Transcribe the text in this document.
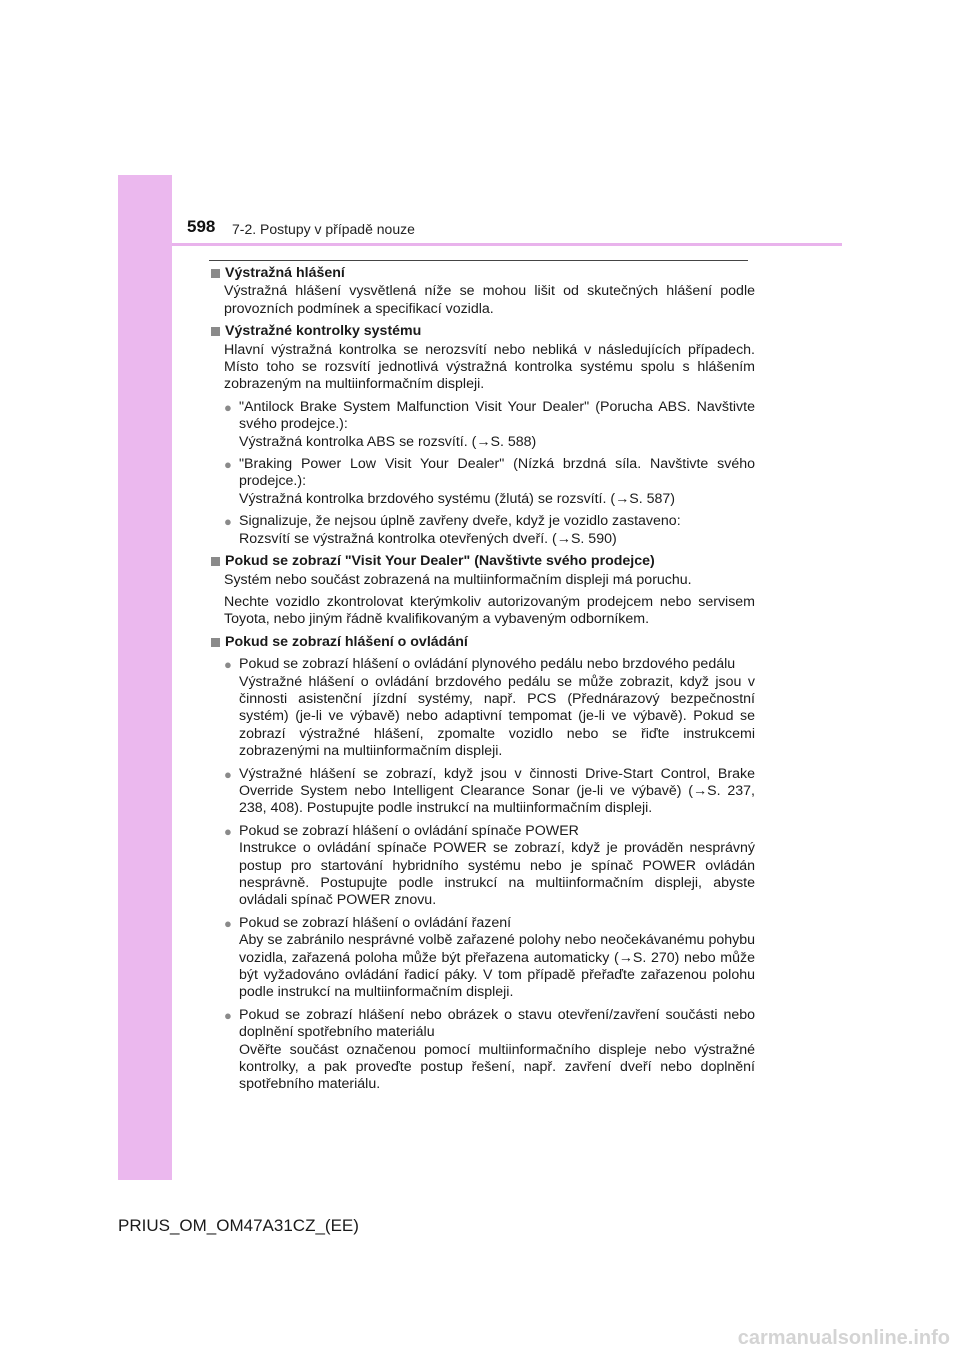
598 7-2. Postupy v případě nouze
Výstražná hlášení
Výstražná hlášení vysvětlená níže se mohou lišit od skutečných hlášení podle provozních podmínek a specifikací vozidla.
Výstražné kontrolky systému
Hlavní výstražná kontrolka se nerozsvítí nebo nebliká v následujících případech. Místo toho se rozsvítí jednotlivá výstražná kontrolka systému spolu s hlášením zobrazeným na multiinformačním displeji.
● "Antilock Brake System Malfunction Visit Your Dealer" (Porucha ABS. Navštivte svého prodejce.):
Výstražná kontrolka ABS se rozsvítí. (→S. 588)
● "Braking Power Low Visit Your Dealer" (Nízká brzdná síla. Navštivte svého prodejce.):
Výstražná kontrolka brzdového systému (žlutá) se rozsvítí. (→S. 587)
● Signalizuje, že nejsou úplně zavřeny dveře, když je vozidlo zastaveno:
Rozsvítí se výstražná kontrolka otevřených dveří. (→S. 590)
Pokud se zobrazí "Visit Your Dealer" (Navštivte svého prodejce)
Systém nebo součást zobrazená na multiinformačním displeji má poruchu.
Nechte vozidlo zkontrolovat kterýmkoliv autorizovaným prodejcem nebo servisem Toyota, nebo jiným řádně kvalifikovaným a vybaveným odborníkem.
Pokud se zobrazí hlášení o ovládání
● Pokud se zobrazí hlášení o ovládání plynového pedálu nebo brzdového pedálu
Výstražné hlášení o ovládání brzdového pedálu se může zobrazit, když jsou v činnosti asistenční jízdní systémy, např. PCS (Přednárazový bezpečnostní systém) (je-li ve výbavě) nebo adaptivní tempomat (je-li ve výbavě). Pokud se zobrazí výstražné hlášení, zpomalte vozidlo nebo se řiďte instrukcemi zobrazenými na multiinformačním displeji.
● Výstražné hlášení se zobrazí, když jsou v činnosti Drive-Start Control, Brake Override System nebo Intelligent Clearance Sonar (je-li ve výbavě) (→S. 237, 238, 408). Postupujte podle instrukcí na multiinformačním displeji.
● Pokud se zobrazí hlášení o ovládání spínače POWER
Instrukce o ovládání spínače POWER se zobrazí, když je prováděn nesprávný postup pro startování hybridního systému nebo je spínač POWER ovládán nesprávně. Postupujte podle instrukcí na multiinformačním displeji, abyste ovládali spínač POWER znovu.
● Pokud se zobrazí hlášení o ovládání řazení
Aby se zabránilo nesprávné volbě zařazené polohy nebo neočekávanému pohybu vozidla, zařazená poloha může být přeřazena automaticky (→S. 270) nebo může být vyžadováno ovládání řadicí páky. V tom případě přeřaďte zařazenou polohu podle instrukcí na multiinformačním displeji.
● Pokud se zobrazí hlášení nebo obrázek o stavu otevření/zavření součásti nebo doplnění spotřebního materiálu
Ověřte součást označenou pomocí multiinformačního displeje nebo výstražné kontrolky, a pak proveďte postup řešení, např. zavření dveří nebo doplnění spotřebního materiálu.
PRIUS_OM_OM47A31CZ_(EE)
carmanualsonline.info
